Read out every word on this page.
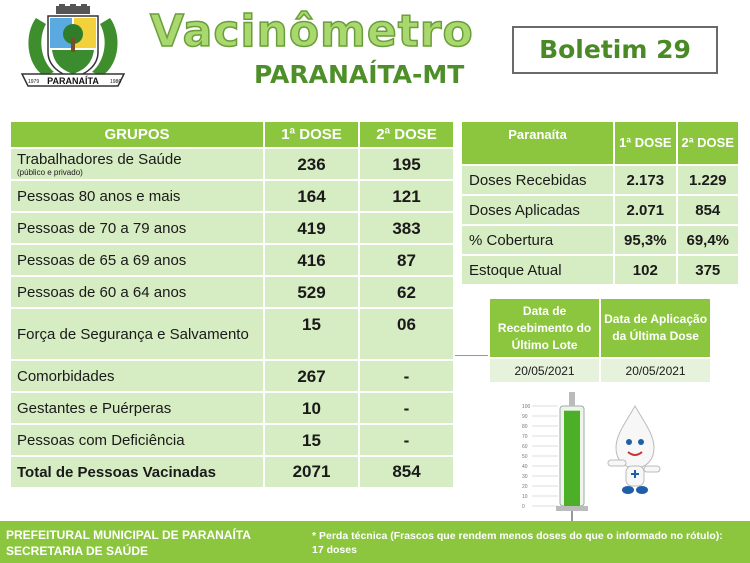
PARANAÍTA
1979	1986
Vacinômetro
PARANAÍTA-MT
Boletim 29
GRUPOS	1ª DOSE	2ª DOSE
Trabalhadores de Saúde
(público e privado)	236	195
Pessoas 80 anos e mais	164	121
Pessoas de 70 a 79 anos	419	383
Pessoas de 65 a 69 anos	416	87
Pessoas de 60 a 64 anos	529	62
Força de Segurança e Salvamento	15	06
Comorbidades	267	-
Gestantes e Puérperas	10	-
Pessoas com Deficiência	15	-
Total de Pessoas Vacinadas	2071	854
Paranaíta	1ª DOSE	2ª DOSE
Doses Recebidas	2.173	1.229
Doses Aplicadas	2.071	854
% Cobertura	95,3%	69,4%
Estoque Atual	102	375
Data de Recebimento do Último Lote	Data de Aplicação da Última Dose
20/05/2021	20/05/2021
100
90
80
70
60
50
40
30
20
10
0
PREFEITURAL MUNICIPAL DE PARANAÍTA
SECRETARIA DE SAÚDE
* Perda técnica (Frascos que rendem menos doses do que o informado no rótulo):
17 doses
